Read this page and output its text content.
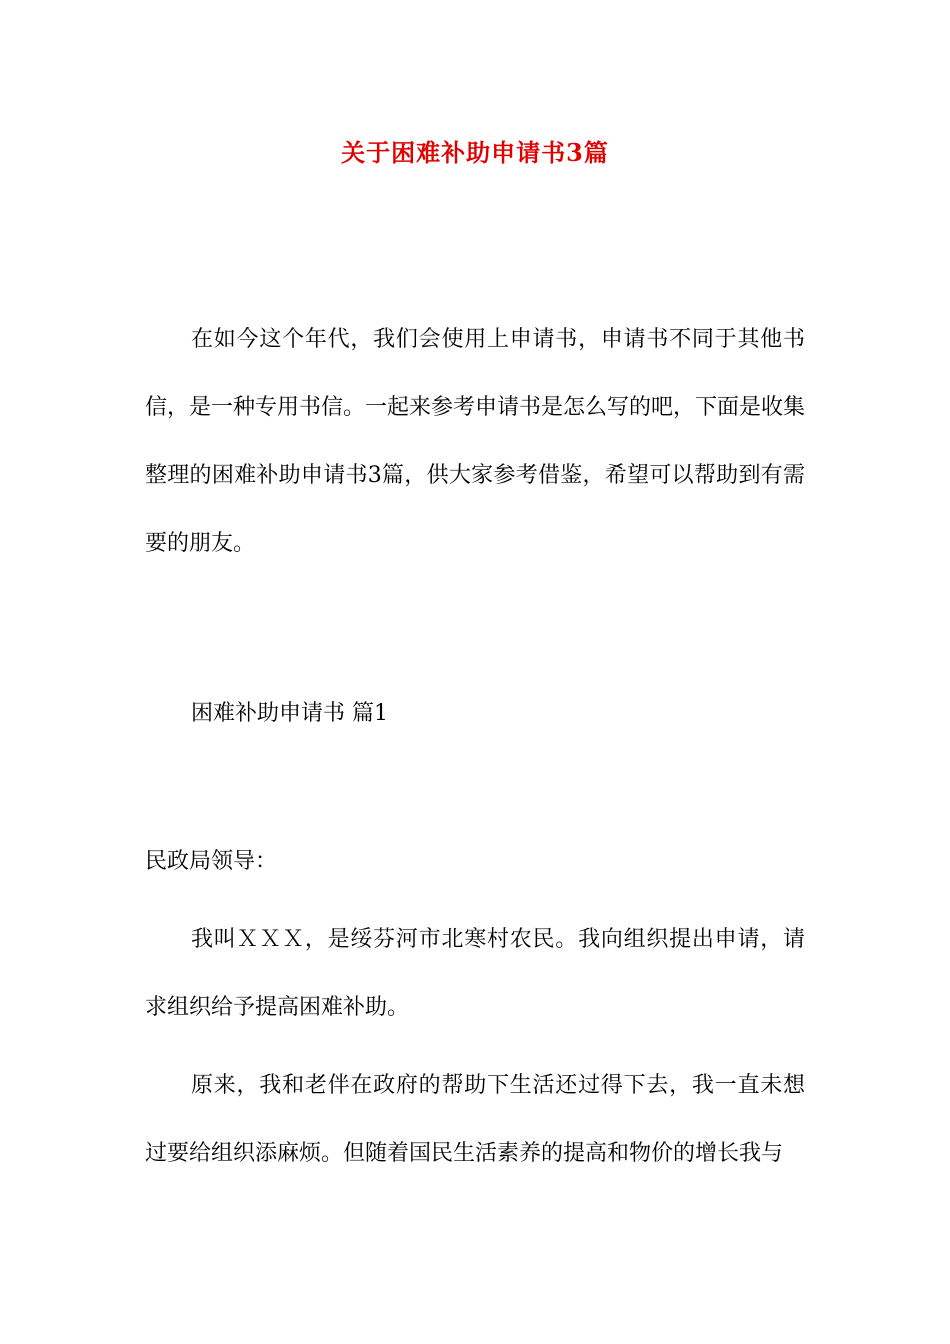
关于困难补助申请书3篇

在如今这个年代，我们会使用上申请书，申请书不同于其他书信，是一种专用书信。一起来参考申请书是怎么写的吧，下面是收集整理的困难补助申请书3篇，供大家参考借鉴，希望可以帮助到有需要的朋友。

困难补助申请书 篇1

民政局领导：

我叫ＸＸＸ，是绥芬河市北寒村农民。我向组织提出申请，请求组织给予提高困难补助。

原来，我和老伴在政府的帮助下生活还过得下去，我一直未想过要给组织添麻烦。但随着国民生活素养的提高和物价的增长我与
